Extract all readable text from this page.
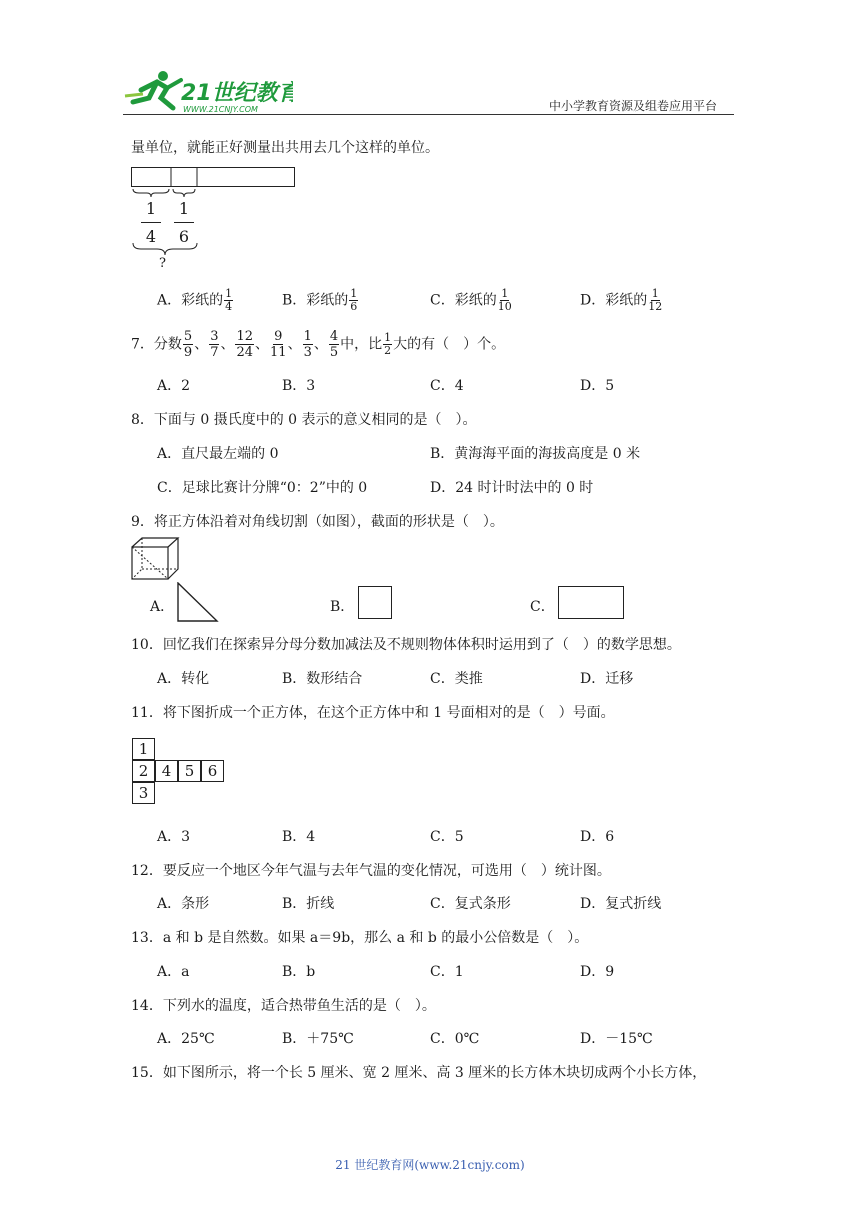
21世纪教育
WWW.21CNJY.COM	中小学教育资源及组卷应用平台
量单位，就能正好测量出共用去几个这样的单位。
1
4
1
6
?
A．彩纸的 $\frac{1}{4}$	B．彩纸的 $\frac{1}{6}$	C．彩纸的 $\frac{1}{10}$	D．彩纸的 $\frac{1}{12}$
7．分数 $\frac{5}{9}$ 、 $\frac{3}{7}$ 、 $\frac{12}{24}$ 、 $\frac{9}{11}$ 、 $\frac{1}{3}$ 、 $\frac{4}{5}$ 中，比 $\frac{1}{2}$ 大的有（　）个。
A．2	B．3	C．4	D．5
8．下面与 0 摄氏度中的 0 表示的意义相同的是（　）。
A．直尺最左端的 0	B．黄海海平面的海拔高度是 0 米
C．足球比赛计分牌“0：2”中的 0	D．24 时计时法中的 0 时
9．将正方体沿着对角线切割（如图），截面的形状是（　）。
A．	B．	C．
10．回忆我们在探索异分母分数加减法及不规则物体体积时运用到了（　）的数学思想。
A．转化	B．数形结合	C．类推	D．迁移
11．将下图折成一个正方体，在这个正方体中和 1 号面相对的是（　）号面。
1
2 4 5 6
3
A．3	B．4	C．5	D．6
12．要反应一个地区今年气温与去年气温的变化情况，可选用（　）统计图。
A．条形	B．折线	C．复式条形	D．复式折线
13．a 和 b 是自然数。如果 a＝9b，那么 a 和 b 的最小公倍数是（　）。
A．a	B．b	C．1	D．9
14．下列水的温度，适合热带鱼生活的是（　）。
A．25℃	B．＋75℃	C．0℃	D．－15℃
15．如下图所示，将一个长 5 厘米、宽 2 厘米、高 3 厘米的长方体木块切成两个小长方体，
21 世纪教育网(www.21cnjy.com)
